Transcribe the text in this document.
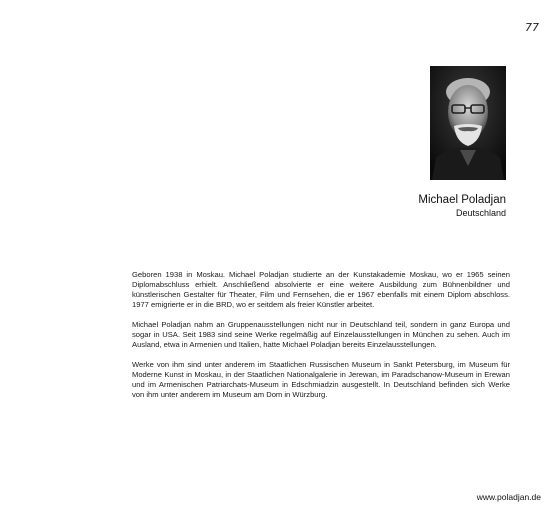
77
Michael Poladjan
Deutschland

Geboren 1938 in Moskau. Michael Poladjan studierte an der Kunstakademie Moskau, wo er 1965 seinen Diplomabschluss erhielt. Anschließend absolvierte er eine weitere Ausbildung zum Bühnenbildner und künstlerischen Gestalter für Theater, Film und Fernsehen, die er 1967 ebenfalls mit einem Diplom abschloss. 1977 emigrierte er in die BRD, wo er seitdem als freier Künstler arbeitet.

Michael Poladjan nahm an Gruppenausstellungen nicht nur in Deutschland teil, sondern in ganz Europa und sogar in USA. Seit 1983 sind seine Werke regelmäßig auf Einzelausstellungen in München zu sehen. Auch im Ausland, etwa in Armenien und Italien, hatte Michael Poladjan bereits Einzelausstellungen.

Werke von ihm sind unter anderem im Staatlichen Russischen Museum in Sankt Petersburg, im Museum für Moderne Kunst in Moskau, in der Staatlichen Nationalgalerie in Jerewan, im Paradschanow-Museum in Erewan und im Armenischen Patriarchats-Museum in Edschmiadzin ausgestellt. In Deutschland befinden sich Werke von ihm unter anderem im Museum am Dom in Würzburg.

www.poladjan.de
